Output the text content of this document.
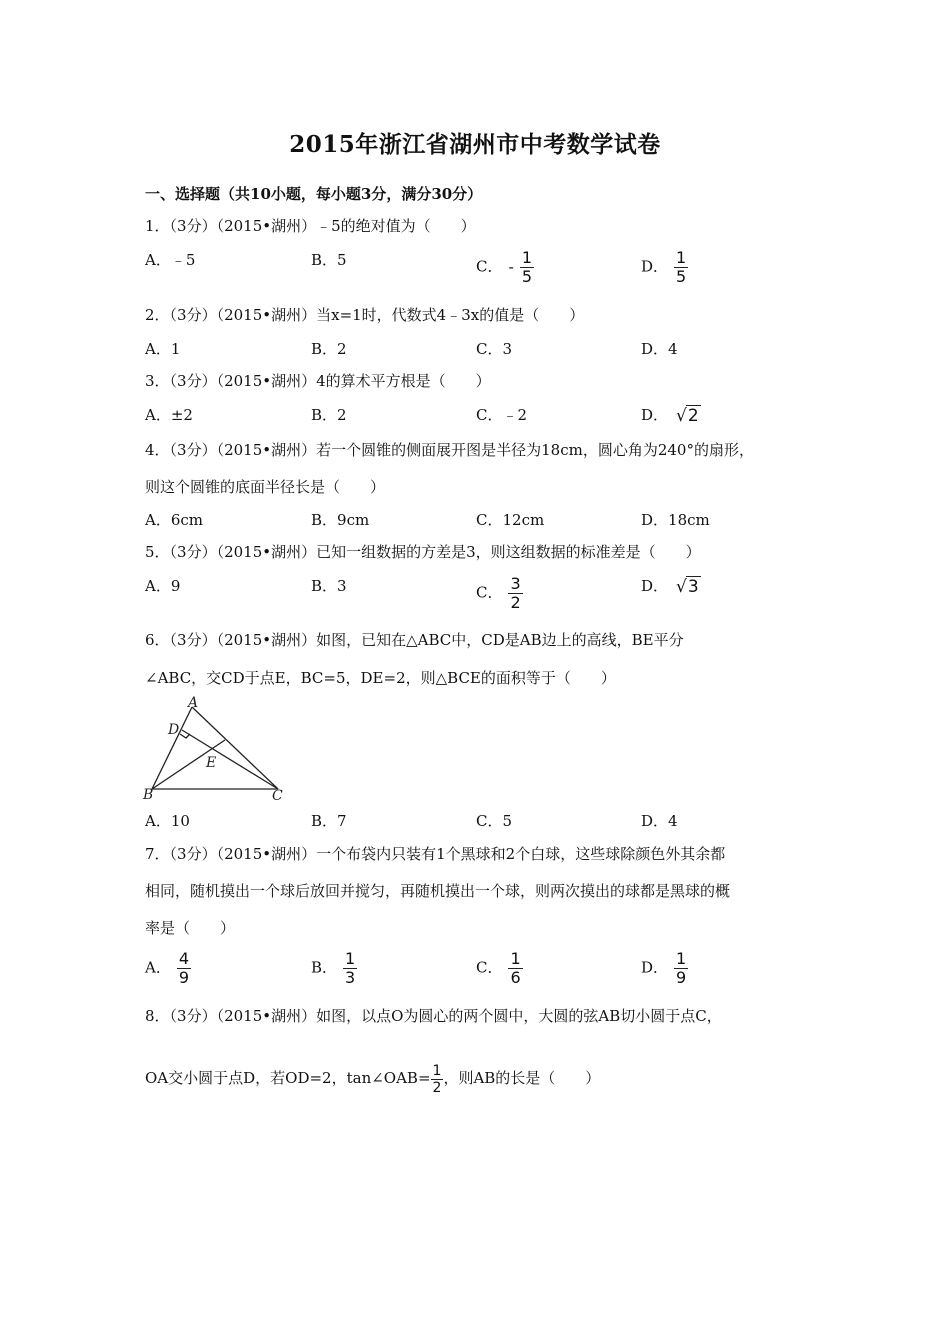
2015年浙江省湖州市中考数学试卷
一、选择题（共10小题，每小题3分，满分30分）
1．（3分）（2015•湖州）﹣5的绝对值为（　　）
A．﹣5	B．5	C． - $\frac{1}{5}$	D． $\frac{1}{5}$
2．（3分）（2015•湖州）当x=1时，代数式4﹣3x的值是（　　）
A．1	B．2	C．3	D．4
3．（3分）（2015•湖州）4的算术平方根是（　　）
A．±2	B．2	C．﹣2	D． √2
4．（3分）（2015•湖州）若一个圆锥的侧面展开图是半径为18cm，圆心角为240°的扇形，
则这个圆锥的底面半径长是（　　）
A．6cm	B．9cm	C．12cm	D．18cm
5．（3分）（2015•湖州）已知一组数据的方差是3，则这组数据的标准差是（　　）
A．9	B．3	C． $\frac{3}{2}$	D． √3
6．（3分）（2015•湖州）如图，已知在△ABC中，CD是AB边上的高线，BE平分
∠ABC，交CD于点E，BC=5，DE=2，则△BCE的面积等于（　　）
A
D
E
B	C
A．10	B．7	C．5	D．4
7．（3分）（2015•湖州）一个布袋内只装有1个黑球和2个白球，这些球除颜色外其余都
相同，随机摸出一个球后放回并搅匀，再随机摸出一个球，则两次摸出的球都是黑球的概
率是（　　）
A． $\frac{4}{9}$	B． $\frac{1}{3}$	C． $\frac{1}{6}$	D． $\frac{1}{9}$
8．（3分）（2015•湖州）如图，以点O为圆心的两个圆中，大圆的弦AB切小圆于点C，
OA交小圆于点D，若OD=2，tan∠OAB= $\frac{1}{2}$ ，则AB的长是（　　）
